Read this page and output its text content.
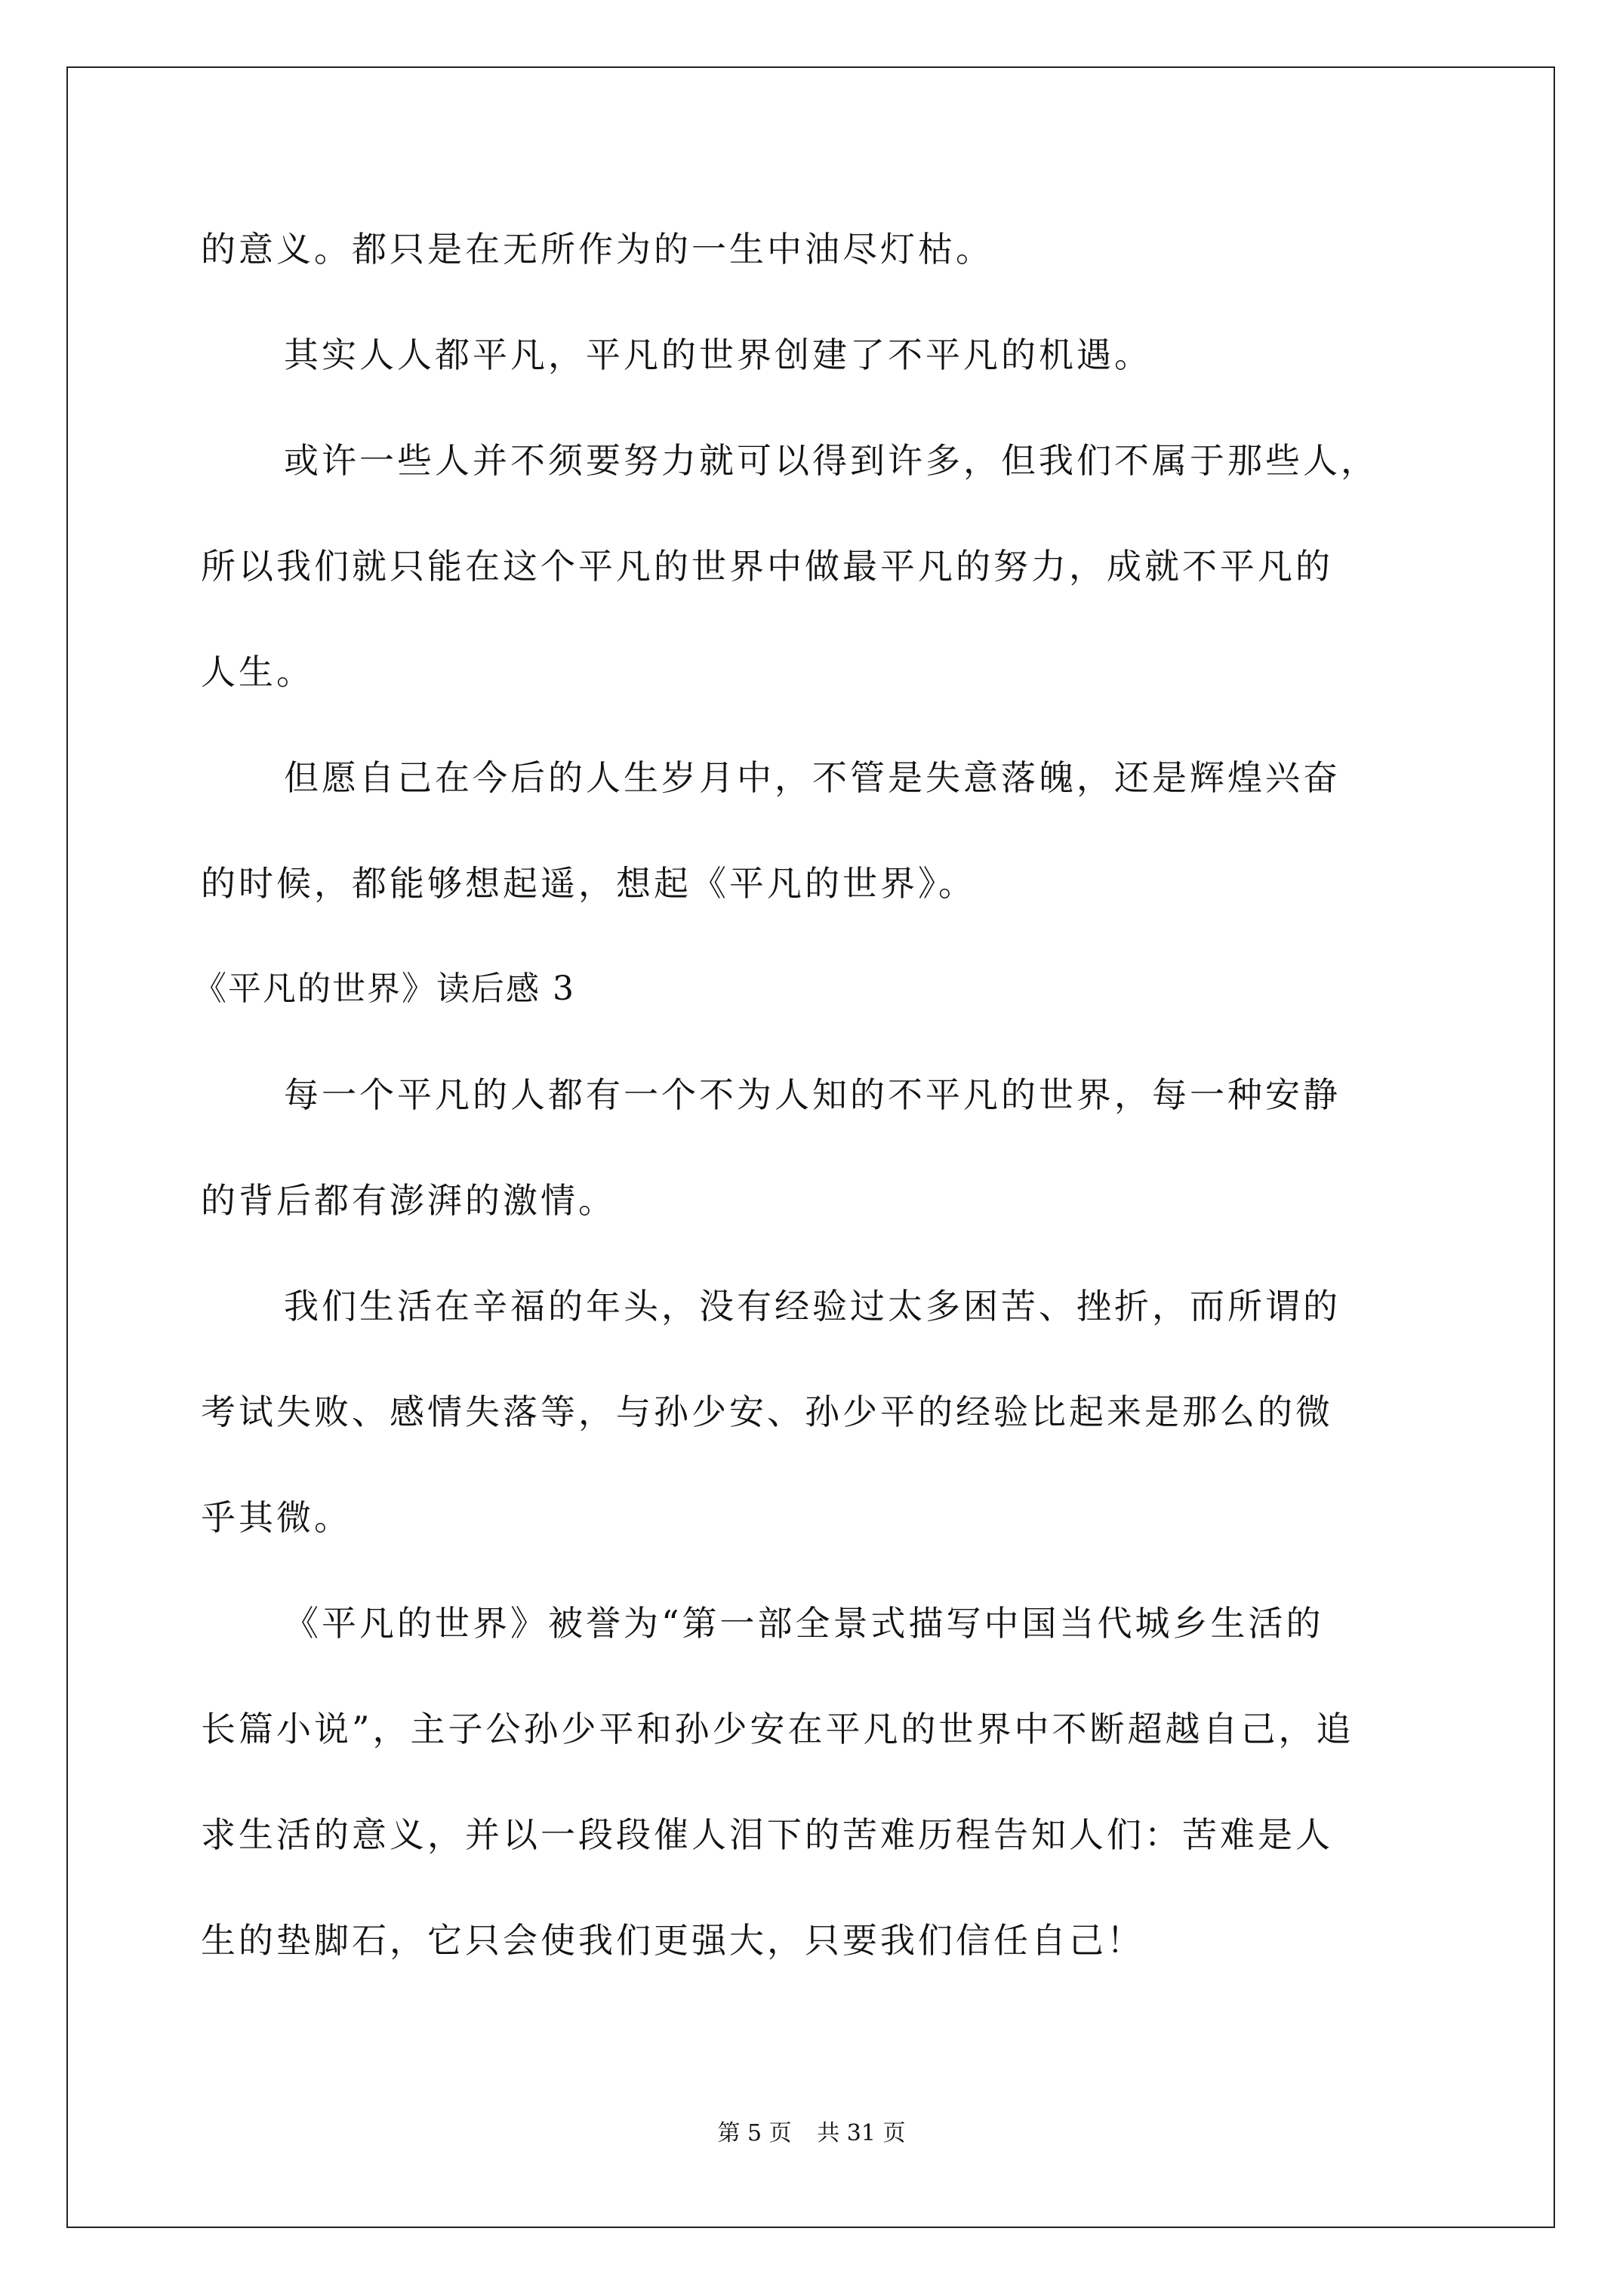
的意义。都只是在无所作为的一生中油尽灯枯。
其实人人都平凡，平凡的世界创建了不平凡的机遇。
或许一些人并不须要努力就可以得到许多，但我们不属于那些人，
所以我们就只能在这个平凡的世界中做最平凡的努力，成就不平凡的
人生。
但愿自己在今后的人生岁月中，不管是失意落魄，还是辉煌兴奋
的时候，都能够想起遥，想起《平凡的世界》。
《平凡的世界》读后感 3
每一个平凡的人都有一个不为人知的不平凡的世界，每一种安静
的背后都有澎湃的激情。
我们生活在辛福的年头，没有经验过太多困苦、挫折，而所谓的
考试失败、感情失落等，与孙少安、孙少平的经验比起来是那么的微
乎其微。
《平凡的世界》被誉为“第一部全景式描写中国当代城乡生活的
长篇小说”，主子公孙少平和孙少安在平凡的世界中不断超越自己，追
求生活的意义，并以一段段催人泪下的苦难历程告知人们：苦难是人
生的垫脚石，它只会使我们更强大，只要我们信任自己！
第 5 页 共 31 页
